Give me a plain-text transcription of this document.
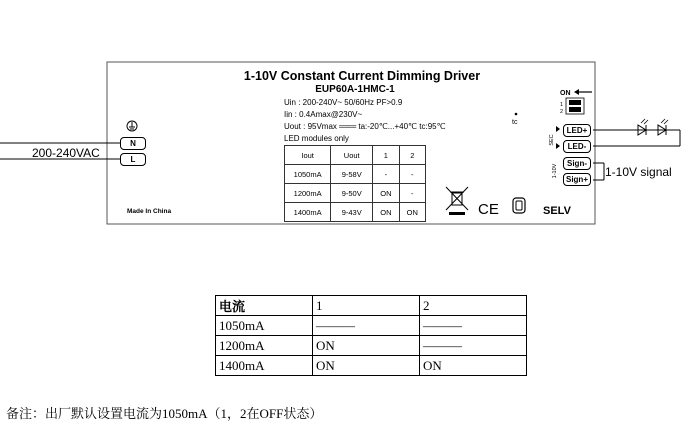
1-10V Constant Current Dimming Driver
EUP60A-1HMC-1
200-240VAC
1-10V signal
Made In China	SELV
CE
tc
ON
1
2
SEC
1-10V
Uin : 200-240V~ 50/60Hz PF>0.9
Iin : 0.4Amax@230V~
Uout : 95Vmax ═══ ta:-20℃...+40℃ tc:95℃
LED modules only
N
L
LED+
LED-
Sign-
Sign+
Iout	Uout	1	2
1050mA	9-58V	-	-
1200mA	9-50V	ON	-
1400mA	9-43V	ON	ON
电流	1	2
1050mA	———	———
1200mA	ON	———
1400mA	ON	ON
备注：出厂默认设置电流为1050mA（1，2在OFF状态）
